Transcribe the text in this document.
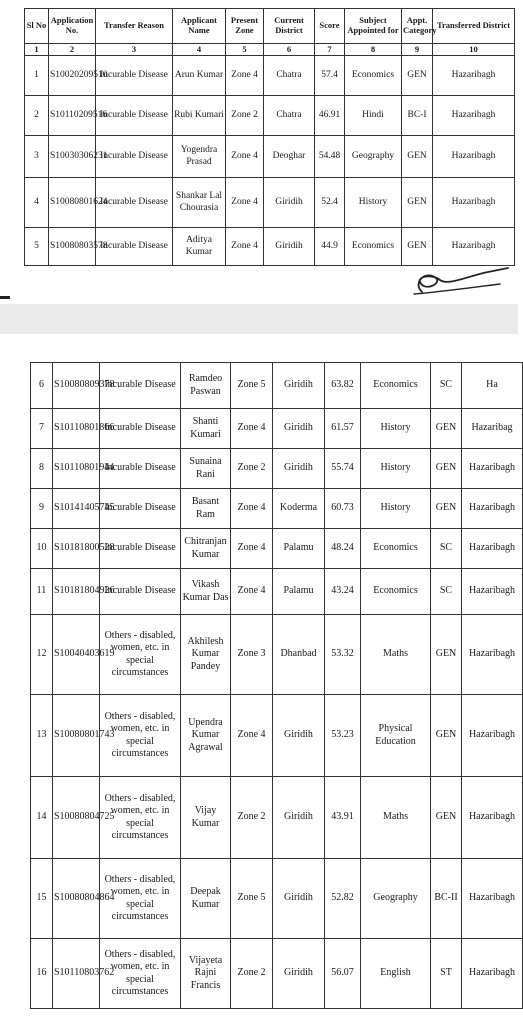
Sl No	Application No.	Transfer Reason	Applicant Name	Present Zone	Current District	Score	Subject Appointed for	Appt. Category	Transferred District
1	2	3	4	5	6	7	8	9	10
1	S10020209510	Incurable Disease	Arun Kumar	Zone 4	Chatra	57.4	Economics	GEN	Hazaribagh
2	S10110209516	Incurable Disease	Rubi Kumari	Zone 2	Chatra	46.91	Hindi	BC-I	Hazaribagh
3	S10030306231	Incurable Disease	Yogendra Prasad	Zone 4	Deoghar	54.48	Geography	GEN	Hazaribagh
4	S10080801624	Incurable Disease	Shankar Lal Chourasia	Zone 4	Giridih	52.4	History	GEN	Hazaribagh
5	S10080803578	Incurable Disease	Aditya Kumar	Zone 4	Giridih	44.9	Economics	GEN	Hazaribagh
6	S10080809378	Incurable Disease	Ramdeo Paswan	Zone 5	Giridih	63.82	Economics	SC	Ha
7	S10110801866	Incurable Disease	Shanti Kumari	Zone 4	Giridih	61.57	History	GEN	Hazaribag
8	S10110801944	Incurable Disease	Sunaina Rani	Zone 2	Giridih	55.74	History	GEN	Hazaribagh
9	S10141405745	Incurable Disease	Basant Ram	Zone 4	Koderma	60.73	History	GEN	Hazaribagh
10	S10181800528	Incurable Disease	Chitranjan Kumar	Zone 4	Palamu	48.24	Economics	SC	Hazaribagh
11	S10181804926	Incurable Disease	Vikash Kumar Das	Zone 4	Palamu	43.24	Economics	SC	Hazaribagh
12	S10040403619	Others - disabled, women, etc. in special circumstances	Akhilesh Kumar Pandey	Zone 3	Dhanbad	53.32	Maths	GEN	Hazaribagh
13	S10080801743	Others - disabled, women, etc. in special circumstances	Upendra Kumar Agrawal	Zone 4	Giridih	53.23	Physical Education	GEN	Hazaribagh
14	S10080804725	Others - disabled, women, etc. in special circumstances	Vijay Kumar	Zone 2	Giridih	43.91	Maths	GEN	Hazaribagh
15	S10080804864	Others - disabled, women, etc. in special circumstances	Deepak Kumar	Zone 5	Giridih	52.82	Geography	BC-II	Hazaribagh
16	S10110803762	Others - disabled, women, etc. in special circumstances	Vijayeta Rajni Francis	Zone 2	Giridih	56.07	English	ST	Hazaribagh
